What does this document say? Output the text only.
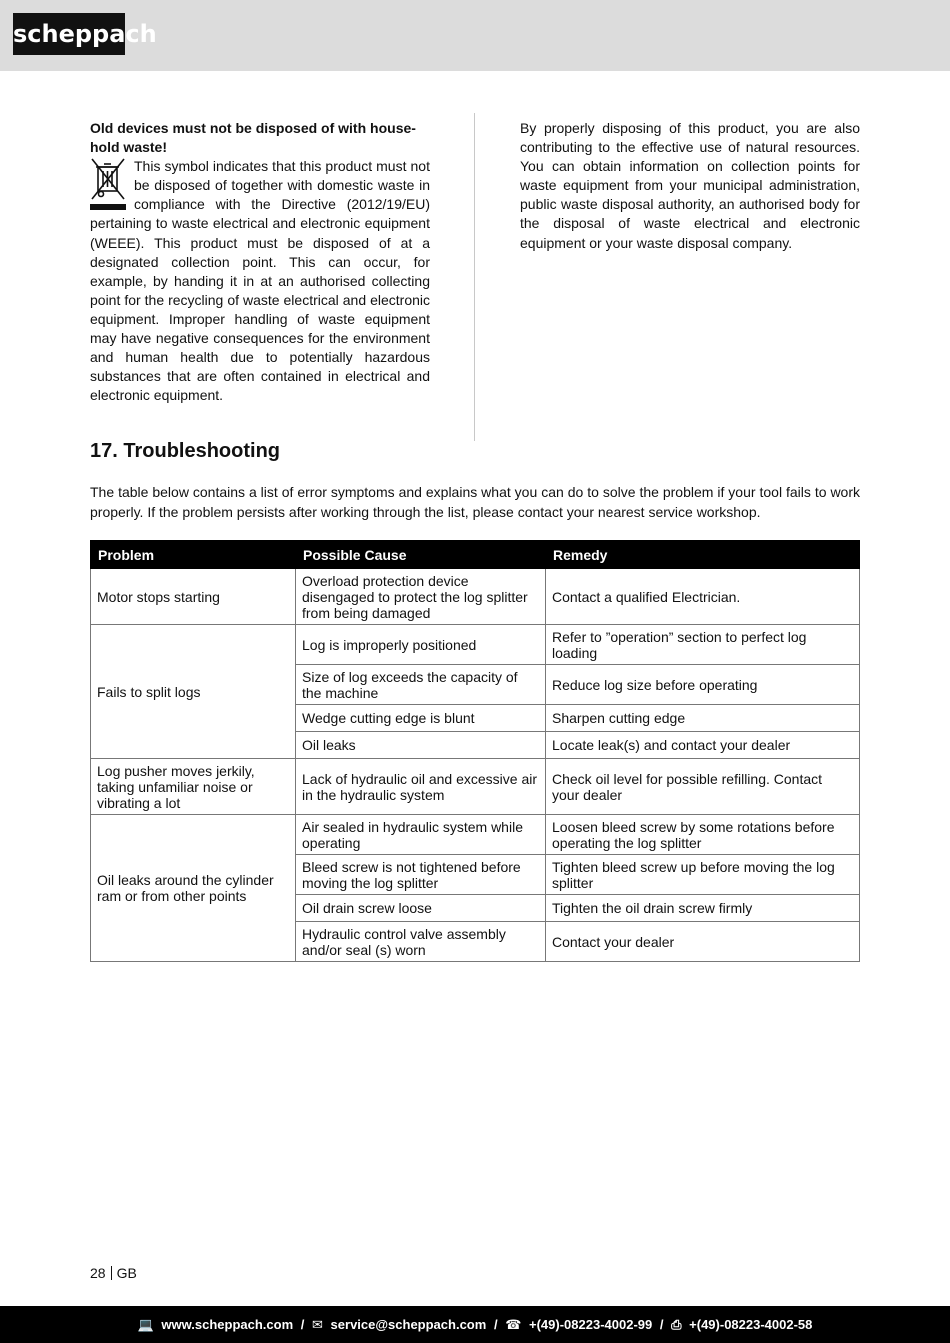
scheppach
Old devices must not be disposed of with house-hold waste!
This symbol indicates that this product must not be disposed of together with domestic waste in compliance with the Directive (2012/19/EU) pertaining to waste electrical and electronic equipment (WEEE). This product must be disposed of at a designated collection point. This can occur, for example, by handing it in at an authorised collecting point for the recycling of waste electrical and electronic equipment. Improper handling of waste equipment may have negative consequences for the environment and human health due to potentially hazardous substances that are often contained in electrical and electronic equipment.
By properly disposing of this product, you are also contributing to the effective use of natural resources. You can obtain information on collection points for waste equipment from your municipal administration, public waste disposal authority, an authorised body for the disposal of waste electrical and electronic equipment or your waste disposal company.
17. Troubleshooting
The table below contains a list of error symptoms and explains what you can do to solve the problem if your tool fails to work properly. If the problem persists after working through the list, please contact your nearest service workshop.
Problem	Possible Cause	Remedy
Motor stops starting	Overload protection device disengaged to protect the log splitter from being damaged	Contact a qualified Electrician.
Fails to split logs	Log is improperly positioned	Refer to ”operation” section to perfect log loading
	Size of log exceeds the capacity of the machine	Reduce log size before operating
	Wedge cutting edge is blunt	Sharpen cutting edge
	Oil leaks	Locate leak(s) and contact your dealer
Log pusher moves jerkily, taking unfamiliar noise or vibrating a lot	Lack of hydraulic oil and excessive air in the hydraulic system	Check oil level for possible refilling. Contact your dealer
Oil leaks around the cylinder ram or from other points	Air sealed in hydraulic system while operating	Loosen bleed screw by some rotations before operating the log splitter
	Bleed screw is not tightened before moving the log splitter	Tighten bleed screw up before moving the log splitter
	Oil drain screw loose	Tighten the oil drain screw firmly
	Hydraulic control valve assembly and/or seal (s) worn	Contact your dealer
28 GB
💻 www.scheppach.com / ✉ service@scheppach.com / ☎ +(49)-08223-4002-99 / ⎙ +(49)-08223-4002-58
